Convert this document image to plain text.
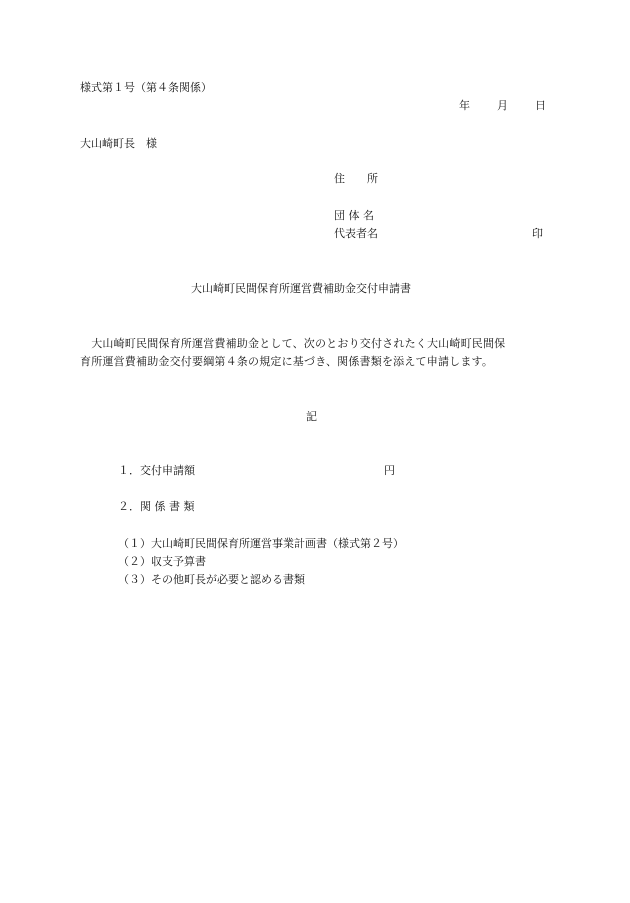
様式第１号（第４条関係）
年 月 日
大山崎町長　様
住　　所
団 体 名
代表者名	印
大山崎町民間保育所運営費補助金交付申請書
　大山崎町民間保育所運営費補助金として、次のとおり交付されたく大山崎町民間保
育所運営費補助金交付要綱第４条の規定に基づき、関係書類を添えて申請します。
記
１．交付申請額	円
２．関 係 書 類
（１）大山崎町民間保育所運営事業計画書（様式第２号）
（２）収支予算書
（３）その他町長が必要と認める書類
